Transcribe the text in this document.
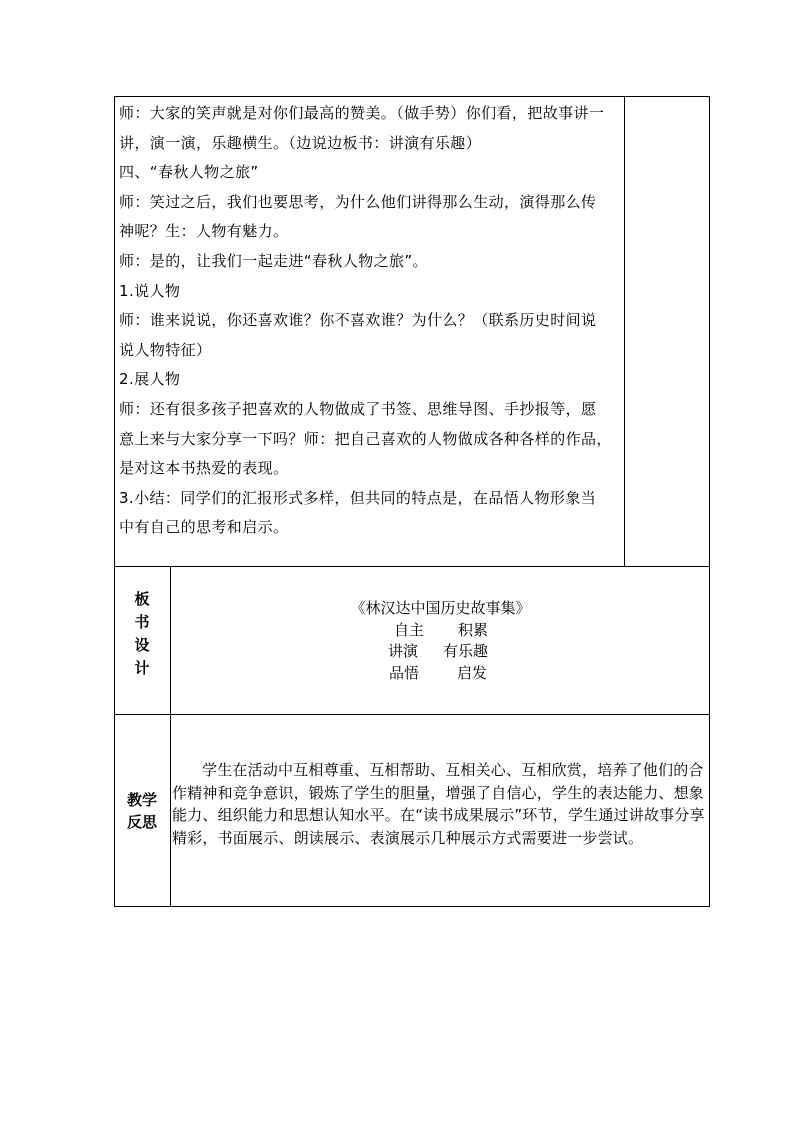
师：大家的笑声就是对你们最高的赞美。（做手势）你们看，把故事讲一

讲，演一演，乐趣横生。（边说边板书：讲演有乐趣）

四、“春秋人物之旅”

师：笑过之后，我们也要思考，为什么他们讲得那么生动，演得那么传

神呢？生：人物有魅力。

师：是的，让我们一起走进“春秋人物之旅”。

1.说人物

师：谁来说说，你还喜欢谁？你不喜欢谁？为什么？（联系历史时间说

说人物特征）

2.展人物

师：还有很多孩子把喜欢的人物做成了书签、思维导图、手抄报等，愿

意上来与大家分享一下吗？师：把自己喜欢的人物做成各种各样的作品，

是对这本书热爱的表现。

3.小结：同学们的汇报形式多样，但共同的特点是，在品悟人物形象当

中有自己的思考和启示。

板
书
设
计
《林汉达中国历史故事集》
自主 积累
讲演 有乐趣
品悟	启发
教学
反思
学生在活动中互相尊重、互相帮助、互相关心、互相欣赏，培养了他们的合作精神和竞争意识，锻炼了学生的胆量，增强了自信心，学生的表达能力、想象能力、组织能力和思想认知水平。在“读书成果展示”环节，学生通过讲故事分享精彩，书面展示、朗读展示、表演展示几种展示方式需要进一步尝试。
